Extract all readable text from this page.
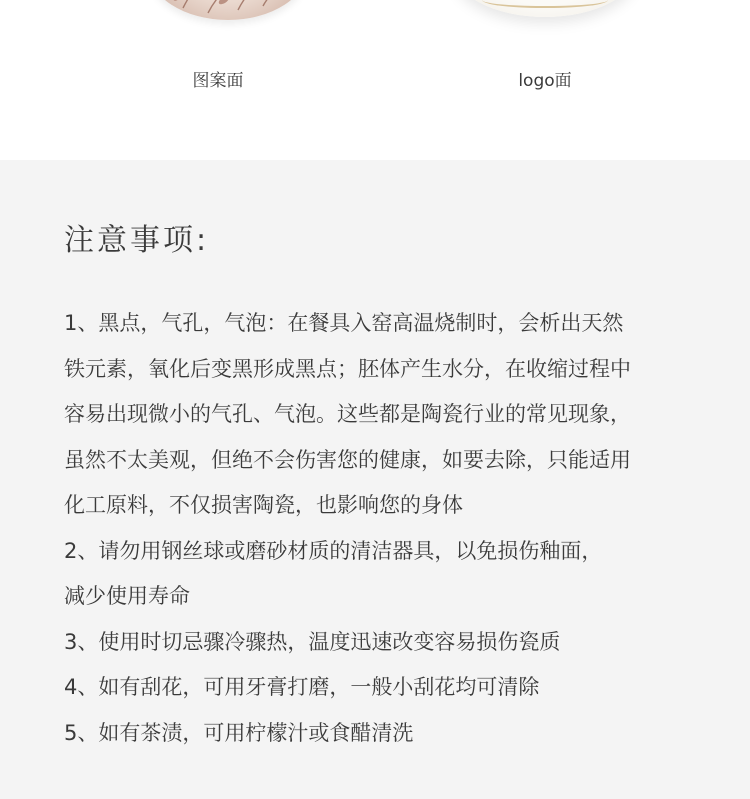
图案面	logo面
注意事项:
1、黑点，气孔，气泡：在餐具入窑高温烧制时，会析出天然
铁元素，氧化后变黑形成黑点；胚体产生水分，在收缩过程中
容易出现微小的气孔、气泡。这些都是陶瓷行业的常见现象，
虽然不太美观，但绝不会伤害您的健康，如要去除，只能适用
化工原料，不仅损害陶瓷，也影响您的身体
2、请勿用钢丝球或磨砂材质的清洁器具，以免损伤釉面，
减少使用寿命
3、使用时切忌骤冷骤热，温度迅速改变容易损伤瓷质
4、如有刮花，可用牙膏打磨，一般小刮花均可清除
5、如有茶渍，可用柠檬汁或食醋清洗
